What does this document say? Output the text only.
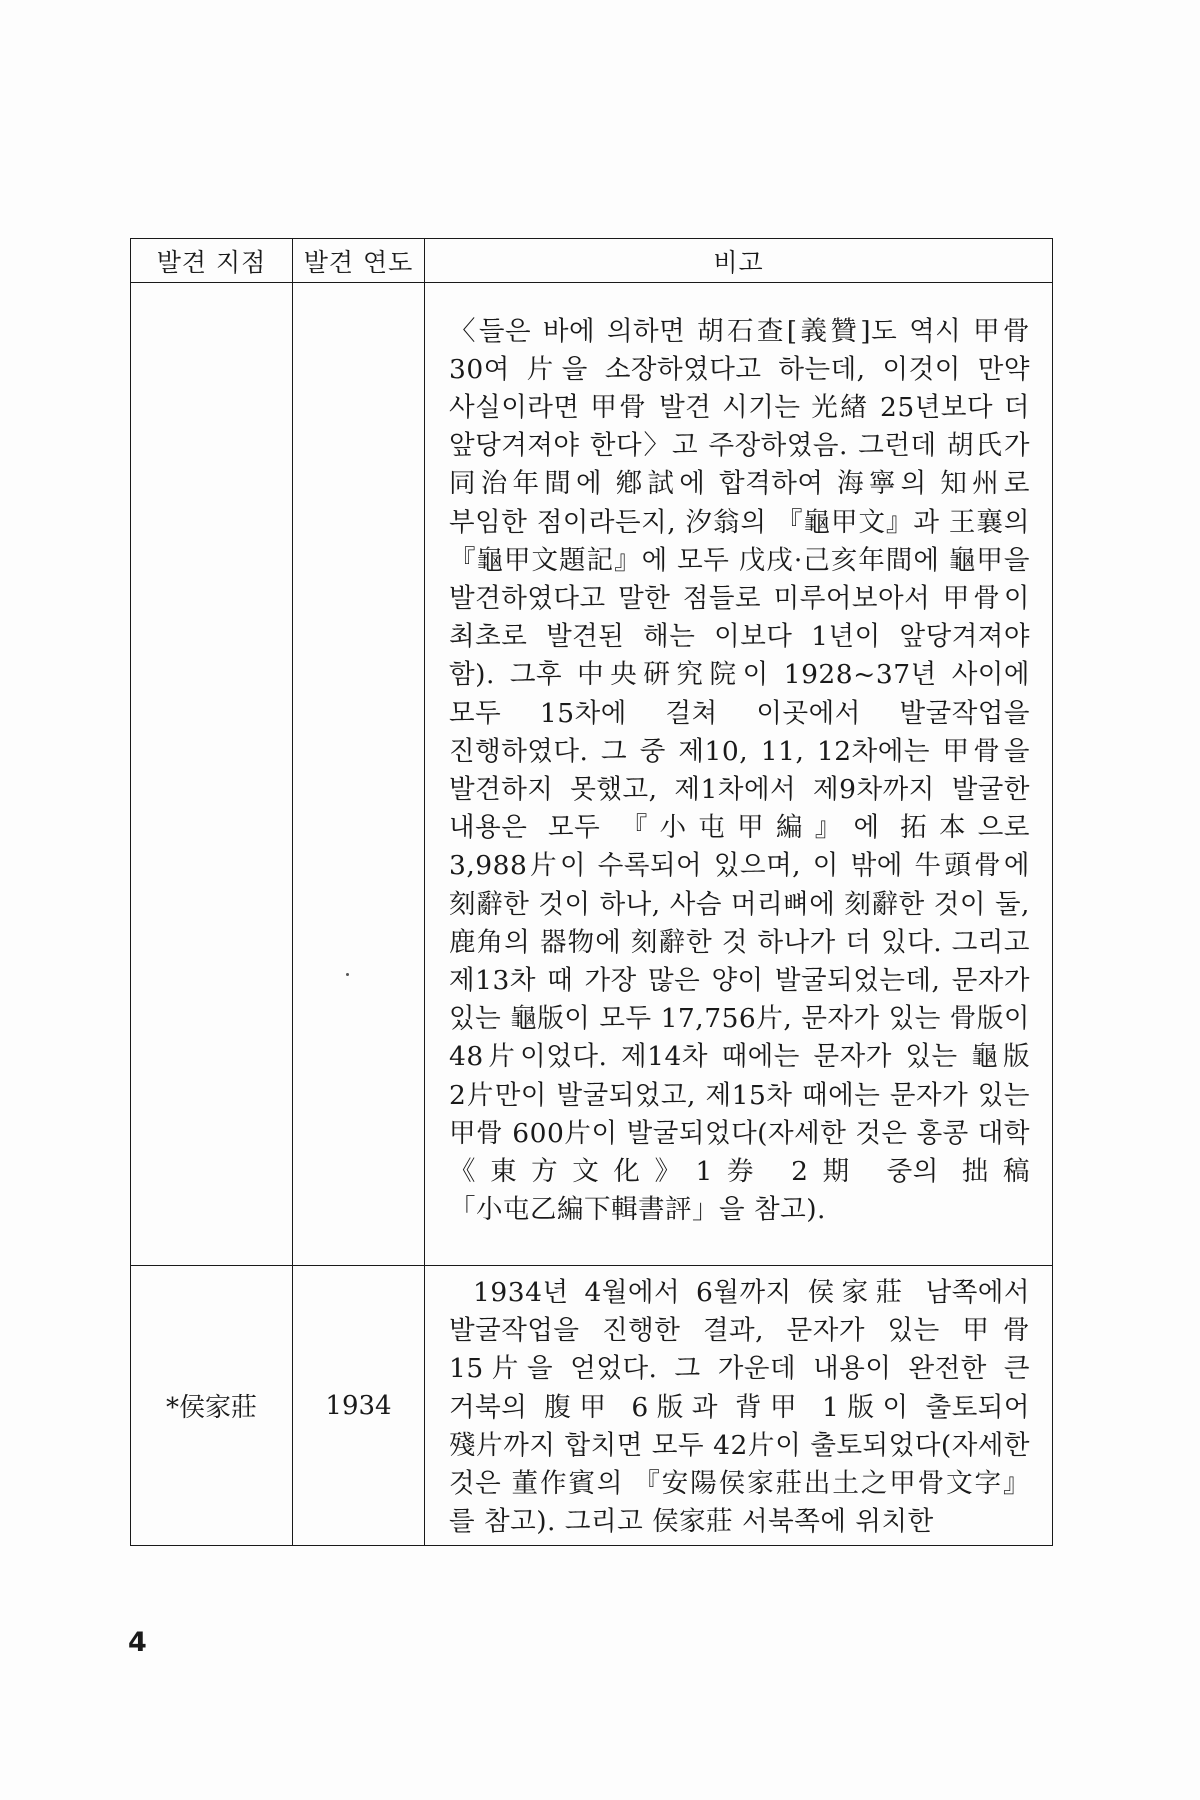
발견 지점	발견 연도	비고

		〈들은 바에 의하면 胡石查[義贊]도 역시 甲骨 30여 片을 소장하였다고 하는데, 이것이 만약 사실이라면 甲骨 발견 시기는 光緖 25년보다 더 앞당겨져야 한다〉고 주장하였음. 그런데 胡氏가 同治年間에 鄕試에 합격하여 海寧의 知州로 부임한 점이라든지, 汐翁의 『龜甲文』과 王襄의 『龜甲文題記』에 모두 戊戌·己亥年間에 龜甲을 발견하였다고 말한 점들로 미루어보아서 甲骨이 최초로 발견된 해는 이보다 1년이 앞당겨져야 함). 그후 中央硏究院이 1928~37년 사이에 모두 15차에 걸쳐 이곳에서 발굴작업을 진행하였다. 그 중 제10, 11, 12차에는 甲骨을 발견하지 못했고, 제1차에서 제9차까지 발굴한 내용은 모두 『小屯甲編』에 拓本으로 3,988片이 수록되어 있으며, 이 밖에 牛頭骨에 刻辭한 것이 하나, 사슴 머리뼈에 刻辭한 것이 둘, 鹿角의 器物에 刻辭한 것 하나가 더 있다. 그리고 제13차 때 가장 많은 양이 발굴되었는데, 문자가 있는 龜版이 모두 17,756片, 문자가 있는 骨版이 48片이었다. 제14차 때에는 문자가 있는 龜版 2片만이 발굴되었고, 제15차 때에는 문자가 있는 甲骨 600片이 발굴되었다(자세한 것은 홍콩 대학《東方文化》1券 2期 중의 拙稿「小屯乙編下輯書評」을 참고).

*侯家莊	1934	1934년 4월에서 6월까지 侯家莊 남쪽에서 발굴작업을 진행한 결과, 문자가 있는 甲骨 15片을 얻었다. 그 가운데 내용이 완전한 큰 거북의 腹甲 6版과 背甲 1版이 출토되어 殘片까지 합치면 모두 42片이 출토되었다(자세한 것은 董作賓의 『安陽侯家莊出土之甲骨文字』를 참고). 그리고 侯家莊 서북쪽에 위치한
4
